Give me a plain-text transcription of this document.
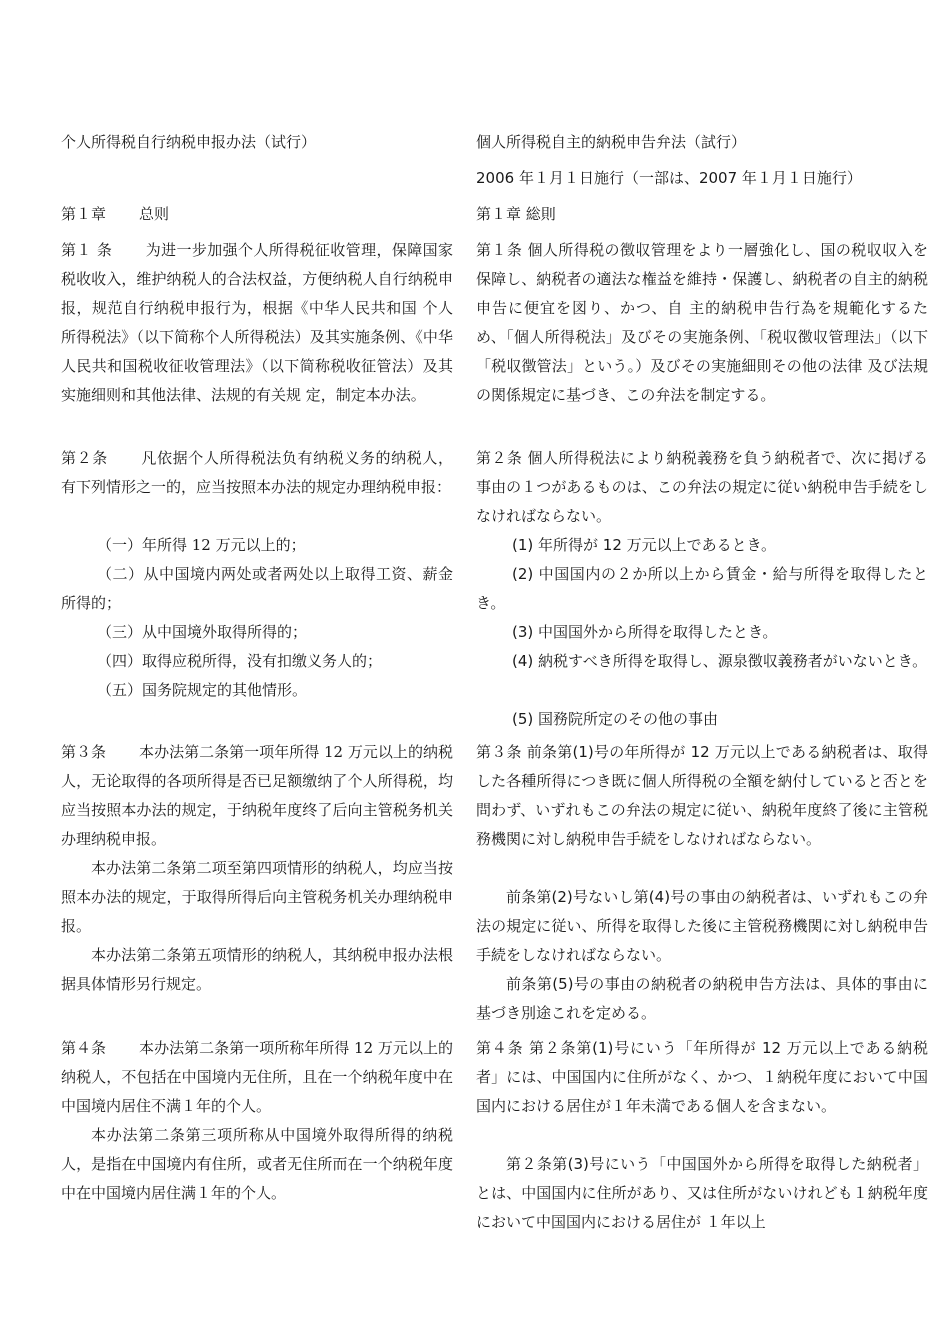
个人所得税自行纳税申报办法（试行）

第１章 总则

第１ 条 为进一步加强个人所得税征收管理，保障国家税收收入，维护纳税人的合法权益，方便纳税人自行纳税申报，规范自行纳税申报行为，根据《中华人民共和国 个人所得税法》（以下简称个人所得税法）及其实施条例、《中华人民共和国税收征收管理法》（以下简称税收征管法）及其实施细则和其他法律、法规的有关规 定，制定本办法。

第２条 凡依据个人所得税法负有纳税义务的纳税人，有下列情形之一的，应当按照本办法的规定办理纳税申报：

（一）年所得 12 万元以上的；

（二）从中国境内两处或者两处以上取得工资、薪金所得的；

（三）从中国境外取得所得的；

（四）取得应税所得，没有扣缴义务人的；

（五）国务院规定的其他情形。

第３条 本办法第二条第一项年所得 12 万元以上的纳税人，无论取得的各项所得是否已足额缴纳了个人所得税，均应当按照本办法的规定，于纳税年度终了后向主管税务机关办理纳税申报。

本办法第二条第二项至第四项情形的纳税人，均应当按照本办法的规定，于取得所得后向主管税务机关办理纳税申报。

本办法第二条第五项情形的纳税人，其纳税申报办法根据具体情形另行规定。

第４条 本办法第二条第一项所称年所得 12 万元以上的纳税人，不包括在中国境内无住所，且在一个纳税年度中在中国境内居住不满１年的个人。

本办法第二条第三项所称从中国境外取得所得的纳税人，是指在中国境内有住所，或者无住所而在一个纳税年度中在中国境内居住满１年的个人。

個人所得税自主的納税申告弁法（試行）

2006 年１月１日施行（一部は、2007 年１月１日施行）

第１章 総則

第１条 個人所得税の徴収管理をより一層強化し、国の税収収入を保障し、納税者の適法な権益を維持・保護し、納税者の自主的納税申告に便宜を図り、かつ、自 主的納税申告行為を規範化するため、「個人所得税法」及びその実施条例、「税収徴収管理法」（以下「税収徴管法」という。）及びその実施細則その他の法律 及び法規の関係規定に基づき、この弁法を制定する。

第２条 個人所得税法により納税義務を負う納税者で、次に掲げる事由の１つがあるものは、この弁法の規定に従い納税申告手続をしなければならない。

(1) 年所得が 12 万元以上であるとき。

(2) 中国国内の２か所以上から賃金・給与所得を取得したとき。

(3) 中国国外から所得を取得したとき。

(4) 納税すべき所得を取得し、源泉徴収義務者がいないとき。

(5) 国務院所定のその他の事由

第３条 前条第(1)号の年所得が 12 万元以上である納税者は、取得した各種所得につき既に個人所得税の全額を納付していると否とを問わず、いずれもこの弁法の規定に従い、納税年度終了後に主管税務機関に対し納税申告手続をしなければならない。

前条第(2)号ないし第(4)号の事由の納税者は、いずれもこの弁法の規定に従い、所得を取得した後に主管税務機関に対し納税申告手続をしなければならない。

前条第(5)号の事由の納税者の納税申告方法は、具体的事由に基づき別途これを定める。

第４条 第２条第(1)号にいう「年所得が 12 万元以上である納税者」には、中国国内に住所がなく、かつ、１納税年度において中国国内における居住が１年未満である個人を含まない。

第２条第(3)号にいう「中国国外から所得を取得した納税者」とは、中国国内に住所があり、又は住所がないけれども１納税年度において中国国内における居住が １年以上
